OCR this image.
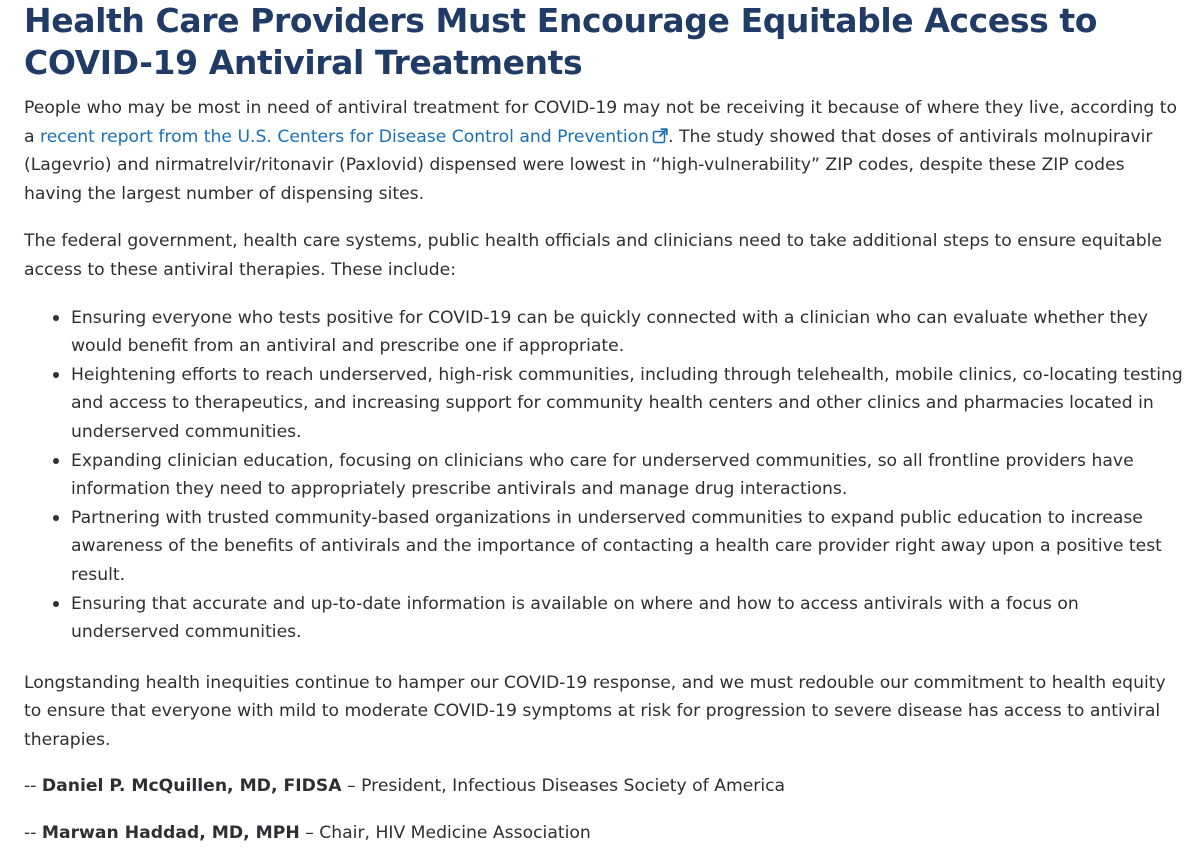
Health Care Providers Must Encourage Equitable Access to COVID-19 Antiviral Treatments

People who may be most in need of antiviral treatment for COVID-19 may not be receiving it because of where they live, according to a recent report from the U.S. Centers for Disease Control and Prevention . The study showed that doses of antivirals molnupiravir (Lagevrio) and nirmatrelvir/ritonavir (Paxlovid) dispensed were lowest in “high-vulnerability” ZIP codes, despite these ZIP codes having the largest number of dispensing sites.

The federal government, health care systems, public health officials and clinicians need to take additional steps to ensure equitable access to these antiviral therapies. These include:

Ensuring everyone who tests positive for COVID-19 can be quickly connected with a clinician who can evaluate whether they would benefit from an antiviral and prescribe one if appropriate.
Heightening efforts to reach underserved, high-risk communities, including through telehealth, mobile clinics, co-locating testing and access to therapeutics, and increasing support for community health centers and other clinics and pharmacies located in underserved communities.
Expanding clinician education, focusing on clinicians who care for underserved communities, so all frontline providers have information they need to appropriately prescribe antivirals and manage drug interactions.
Partnering with trusted community-based organizations in underserved communities to expand public education to increase awareness of the benefits of antivirals and the importance of contacting a health care provider right away upon a positive test result.
Ensuring that accurate and up-to-date information is available on where and how to access antivirals with a focus on underserved communities.

Longstanding health inequities continue to hamper our COVID-19 response, and we must redouble our commitment to health equity to ensure that everyone with mild to moderate COVID-19 symptoms at risk for progression to severe disease has access to antiviral therapies.

-- Daniel P. McQuillen, MD, FIDSA – President, Infectious Diseases Society of America

-- Marwan Haddad, MD, MPH – Chair, HIV Medicine Association
